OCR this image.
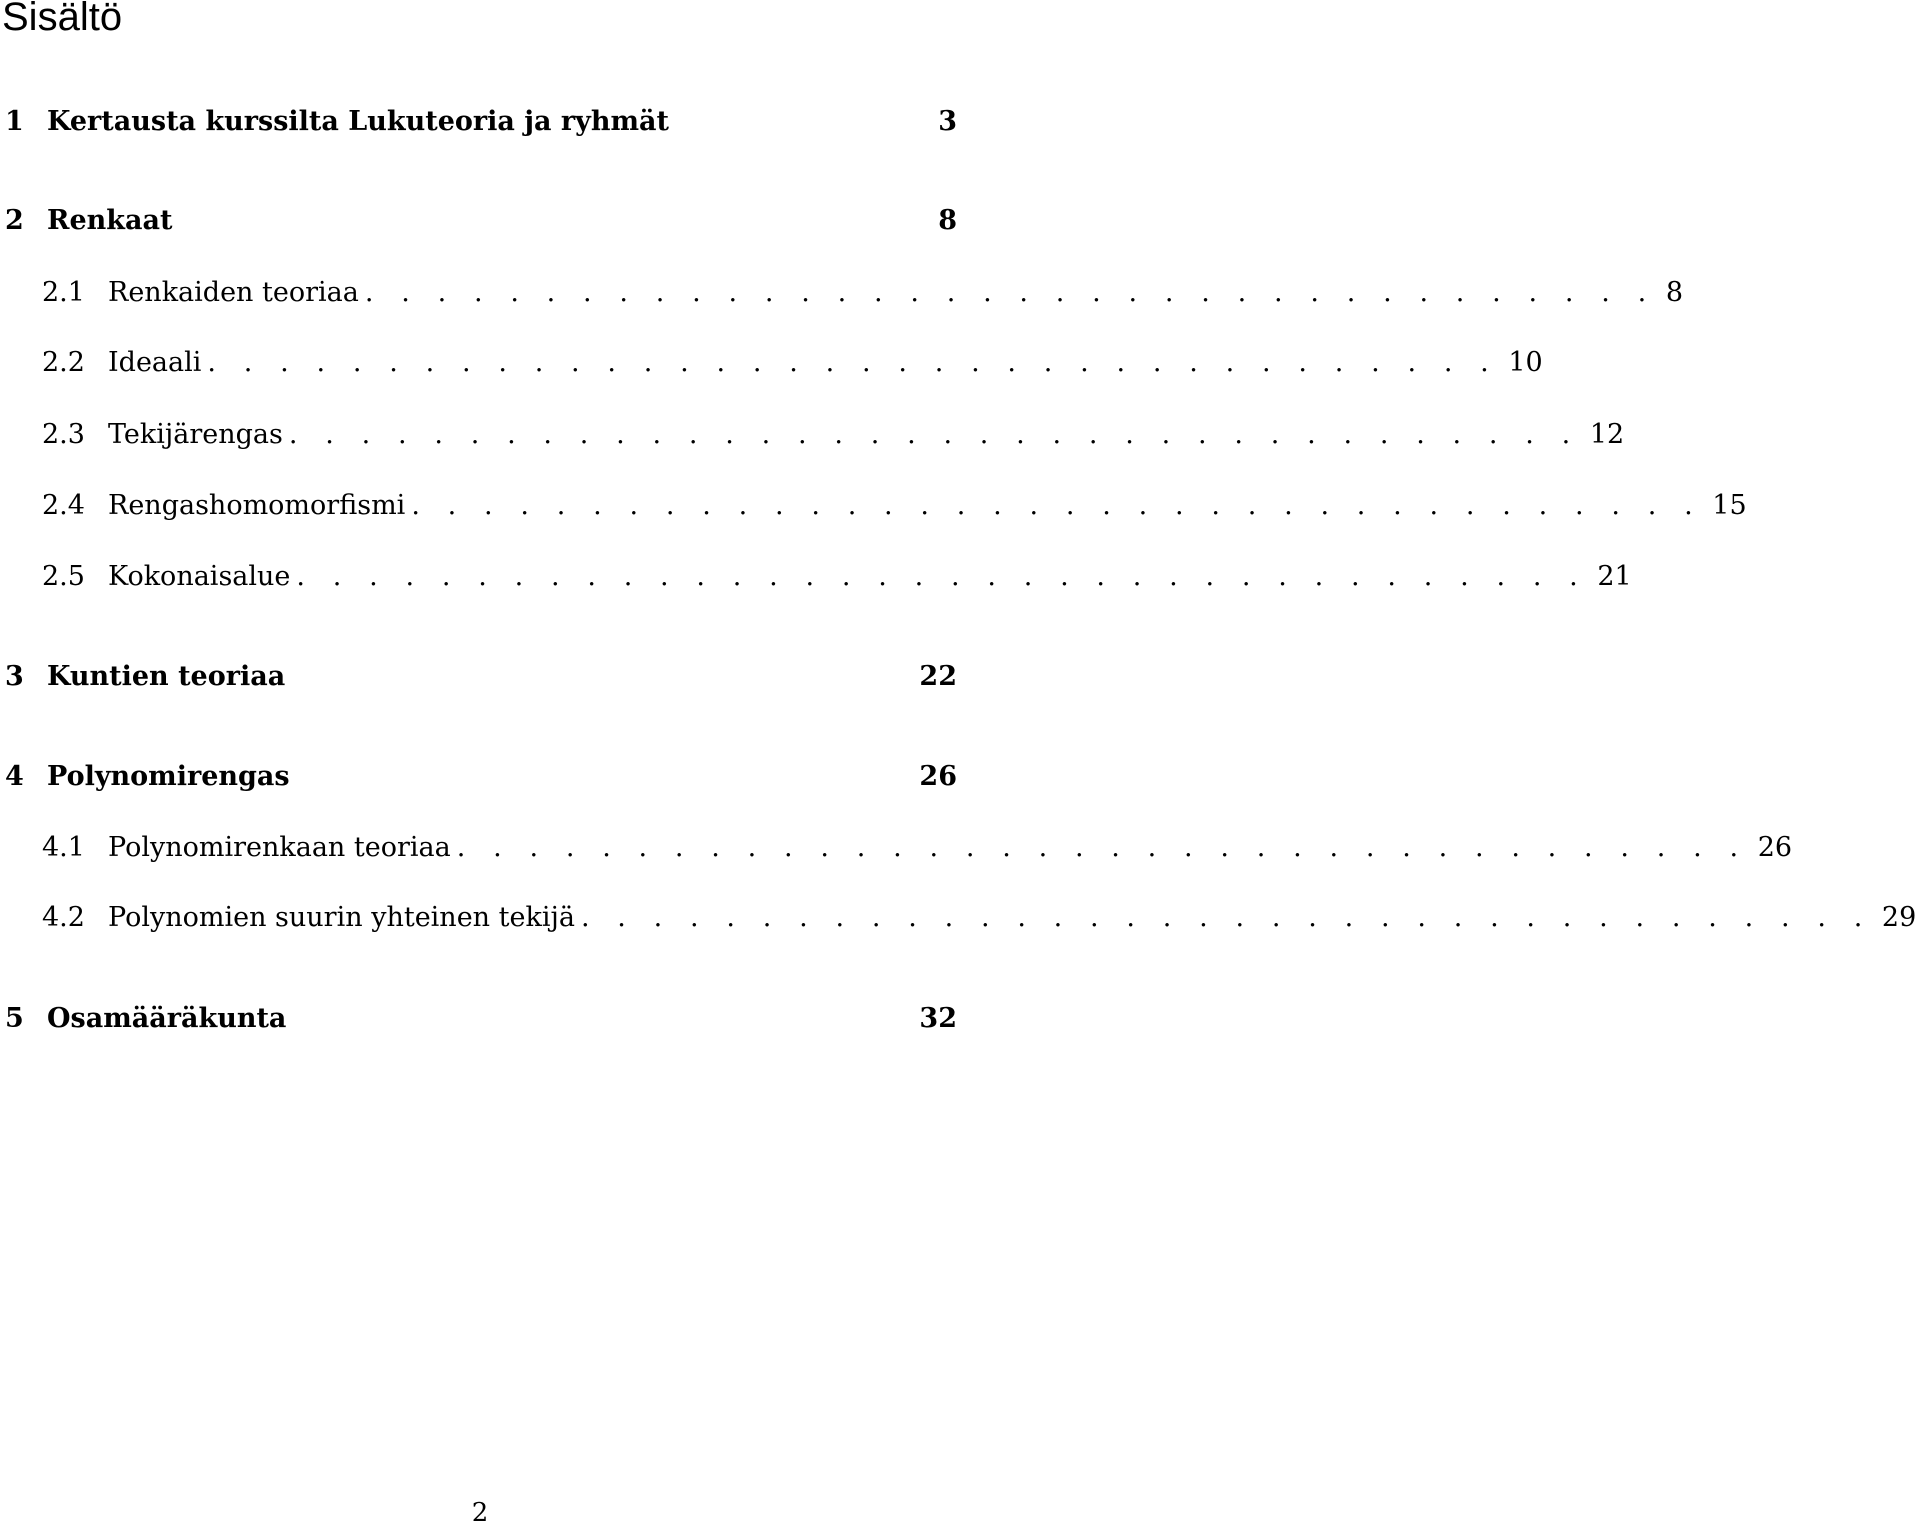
Sisältö
1 Kertausta kurssilta Lukuteoria ja ryhmät	3
2 Renkaat	8
2.1 Renkaiden teoriaa . . . . . . . . . . . . . . . . . . . . . . . . . . . . . . . . . . . . 8
2.2 Ideaali . . . . . . . . . . . . . . . . . . . . . . . . . . . . . . . . . . . . 10
2.3 Tekijärengas . . . . . . . . . . . . . . . . . . . . . . . . . . . . . . . . . . . . 12
2.4 Rengashomomorfismi . . . . . . . . . . . . . . . . . . . . . . . . . . . . . . . . . . . . 15
2.5 Kokonaisalue . . . . . . . . . . . . . . . . . . . . . . . . . . . . . . . . . . . . 21
3 Kuntien teoriaa	22
4 Polynomirengas	26
4.1 Polynomirenkaan teoriaa . . . . . . . . . . . . . . . . . . . . . . . . . . . . . . . . . . . . 26
4.2 Polynomien suurin yhteinen tekijä . . . . . . . . . . . . . . . . . . . . . . . . . . . . . . . . . . . . 29
5 Osamääräkunta	32
2
